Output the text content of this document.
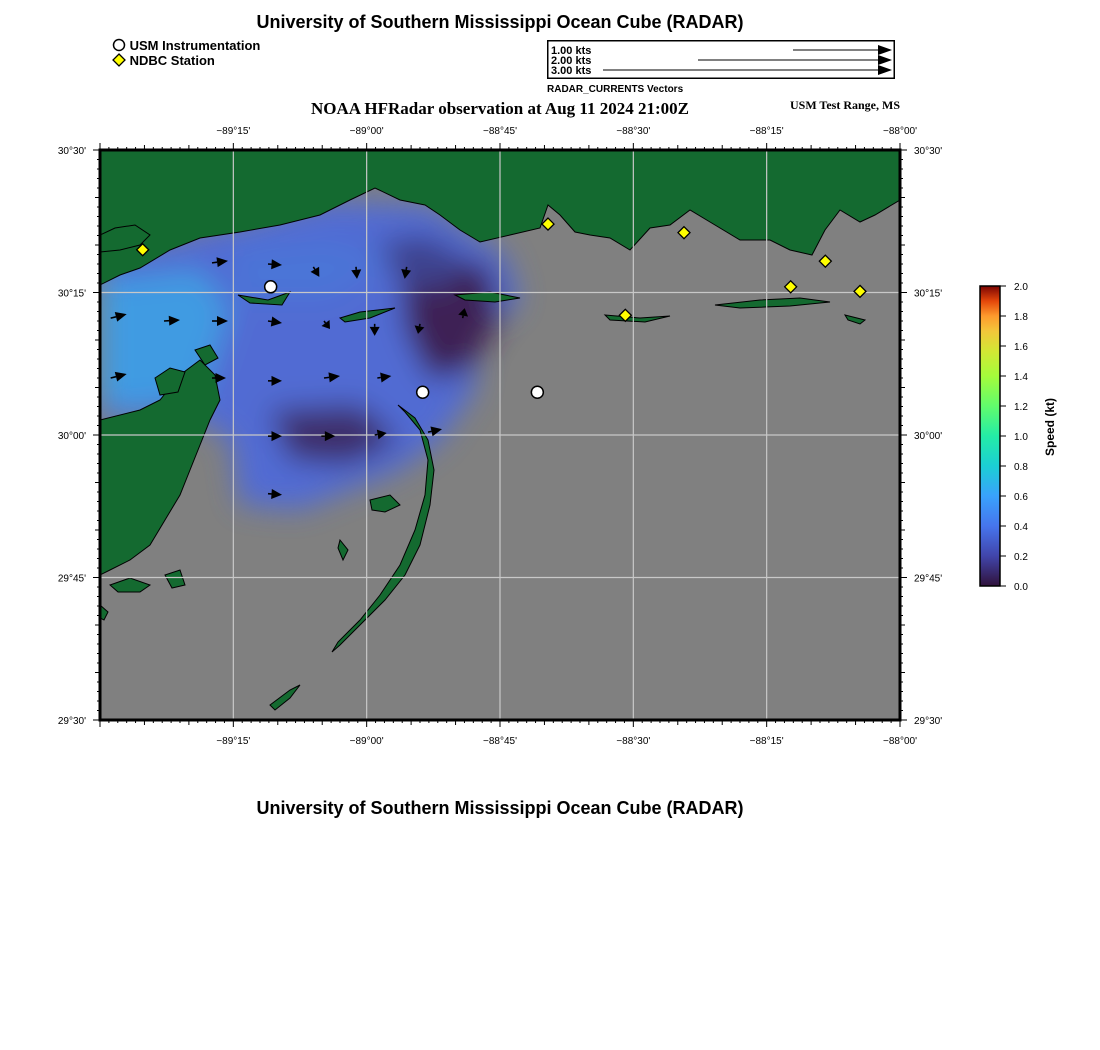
University of Southern Mississippi Ocean Cube (RADAR)
USM Instrumentation
NDBC Station
1.00 kts
2.00 kts
3.00 kts
RADAR_CURRENTS Vectors
NOAA HFRadar observation at Aug 11 2024 21:00Z	USM Test Range, MS
−89°15'
−89°15'
−89°00'
−89°00'
−88°45'
−88°45'
−88°30'
−88°30'
−88°15'
−88°15'
−88°00'
−88°00'
30°30'	30°30'
30°15'	30°15'
30°00'	30°00'
29°45'	29°45'
29°30'	29°30'
0.0
0.2
0.4
0.6
0.8
1.0
1.2
1.4
1.6
1.8
2.0
Speed (kt)
University of Southern Mississippi Ocean Cube (RADAR)
